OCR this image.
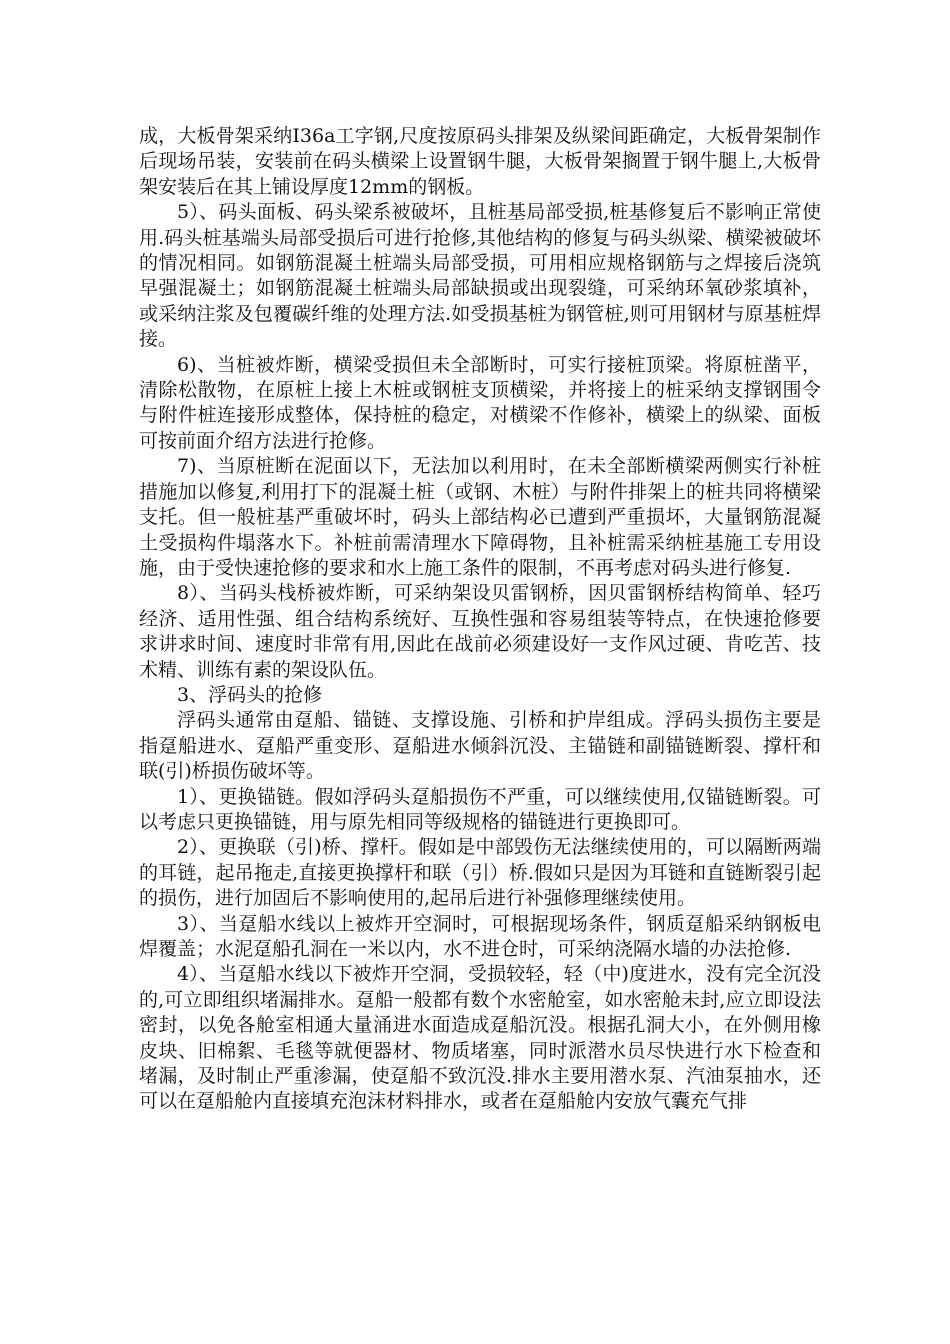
成，大板骨架采纳I36a工字钢,尺度按原码头排架及纵梁间距确定，大板骨架制作后现场吊装，安装前在码头横梁上设置钢牛腿，大板骨架搁置于钢牛腿上,大板骨架安装后在其上铺设厚度12mm的钢板。

5）、码头面板、码头梁系被破坏，且桩基局部受损,桩基修复后不影响正常使用.码头桩基端头局部受损后可进行抢修,其他结构的修复与码头纵梁、横梁被破坏的情况相同。如钢筋混凝土桩端头局部受损，可用相应规格钢筋与之焊接后浇筑早强混凝土；如钢筋混凝土桩端头局部缺损或出现裂缝，可采纳环氧砂浆填补，或采纳注浆及包覆碳纤维的处理方法.如受损基桩为钢管桩,则可用钢材与原基桩焊接。

6)、当桩被炸断，横梁受损但未全部断时，可实行接桩顶梁。将原桩凿平，清除松散物，在原桩上接上木桩或钢桩支顶横梁，并将接上的桩采纳支撑钢围令与附件桩连接形成整体，保持桩的稳定，对横梁不作修补，横梁上的纵梁、面板可按前面介绍方法进行抢修。

7)、当原桩断在泥面以下，无法加以利用时，在未全部断横梁两侧实行补桩措施加以修复,利用打下的混凝土桩（或钢、木桩）与附件排架上的桩共同将横梁支托。但一般桩基严重破坏时，码头上部结构必已遭到严重损坏，大量钢筋混凝土受损构件塌落水下。补桩前需清理水下障碍物，且补桩需采纳桩基施工专用设施，由于受快速抢修的要求和水上施工条件的限制，不再考虑对码头进行修复.

8）、当码头栈桥被炸断，可采纳架设贝雷钢桥，因贝雷钢桥结构简单、轻巧经济、适用性强、组合结构系统好、互换性强和容易组装等特点，在快速抢修要求讲求时间、速度时非常有用,因此在战前必须建设好一支作风过硬、肯吃苦、技术精、训练有素的架设队伍。

3、浮码头的抢修

浮码头通常由趸船、锚链、支撑设施、引桥和护岸组成。浮码头损伤主要是指趸船进水、趸船严重变形、趸船进水倾斜沉没、主锚链和副锚链断裂、撑杆和联(引)桥损伤破坏等。

1）、更换锚链。假如浮码头趸船损伤不严重，可以继续使用,仅锚链断裂。可以考虑只更换锚链，用与原先相同等级规格的锚链进行更换即可。

2）、更换联（引)桥、撑杆。假如是中部毁伤无法继续使用的，可以隔断两端的耳链，起吊拖走,直接更换撑杆和联（引）桥.假如只是因为耳链和直链断裂引起的损伤，进行加固后不影响使用的,起吊后进行补强修理继续使用。

3）、当趸船水线以上被炸开空洞时，可根据现场条件，钢质趸船采纳钢板电焊覆盖；水泥趸船孔洞在一米以内，水不进仓时，可采纳浇隔水墙的办法抢修.

4）、当趸船水线以下被炸开空洞，受损较轻，轻（中)度进水，没有完全沉没的,可立即组织堵漏排水。趸船一般都有数个水密舱室，如水密舱未封,应立即设法密封，以免各舱室相通大量涌进水面造成趸船沉没。根据孔洞大小，在外侧用橡皮块、旧棉絮、毛毯等就便器材、物质堵塞，同时派潜水员尽快进行水下检查和堵漏，及时制止严重渗漏，使趸船不致沉没.排水主要用潜水泵、汽油泵抽水，还可以在趸船舱内直接填充泡沫材料排水，或者在趸船舱内安放气囊充气排
